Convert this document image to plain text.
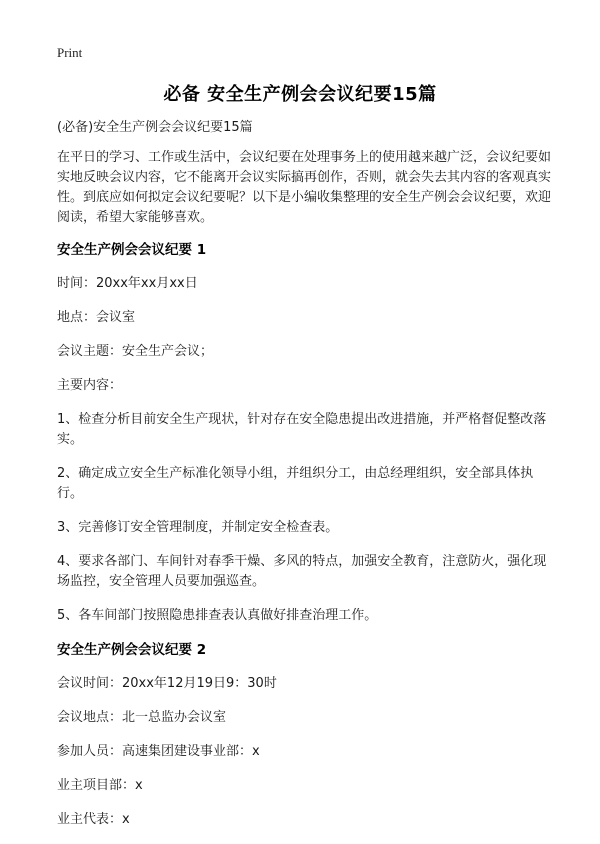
Print
必备 安全生产例会会议纪要15篇

(必备)安全生产例会会议纪要15篇

在平日的学习、工作或生活中，会议纪要在处理事务上的使用越来越广泛，会议纪要如实地反映会议内容，它不能离开会议实际搞再创作，否则，就会失去其内容的客观真实性。到底应如何拟定会议纪要呢？以下是小编收集整理的安全生产例会会议纪要，欢迎阅读，希望大家能够喜欢。

安全生产例会会议纪要 1

时间：20xx年xx月xx日

地点：会议室

会议主题：安全生产会议；

主要内容：

1、检查分析目前安全生产现状，针对存在安全隐患提出改进措施，并严格督促整改落实。

2、确定成立安全生产标准化领导小组，并组织分工，由总经理组织，安全部具体执行。

3、完善修订安全管理制度，并制定安全检查表。

4、要求各部门、车间针对春季干燥、多风的特点，加强安全教育，注意防火，强化现场监控，安全管理人员要加强巡查。

5、各车间部门按照隐患排查表认真做好排查治理工作。

安全生产例会会议纪要 2

会议时间：20xx年12月19日9：30时

会议地点：北一总监办会议室

参加人员：高速集团建设事业部：x

业主项目部：x

业主代表：x
